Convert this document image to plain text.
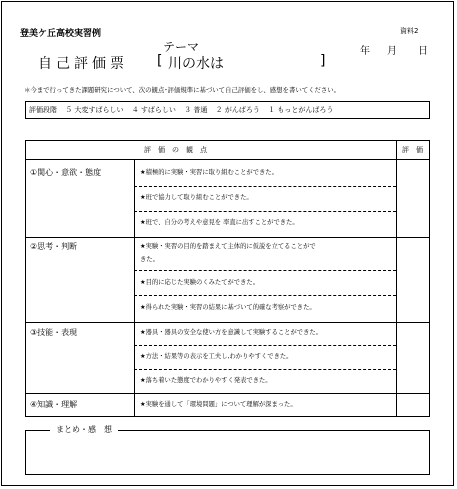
登美ケ丘高校実習例	資料2
テーマ	年 月 日
自己評価票 [ 川の水は	]
＊今まで行ってきた課題研究について、次の観点･評価規準に基づいて自己評価をし、感想を書いてください。
評価段階 ５ 大変すばらしい ４ すばらしい ３ 普通 ２ がんばろう １ もっとがんばろう
評　価　の　観　点	評　価
①関心・意欲・態度	★積極的に実験・実習に取り組むことができた。
★班で協力して取り組むことができた。
★班で、自分の考えや意見を 率直に出すことができた。
②思考・判断	★実験・実習の目的を踏まえて主体的に仮説を立てることがで
きた。
★目的に応じた実験のくみたてができた。
★得られた実験・実習の結果に基づいて的確な考察ができた。
③技能・表現	★器具・器具の安全な使い方を意識して実験することができた。
★方法・結果等の表示を工夫し,わかりやすくできた。
★落ち着いた態度でわかりやすく発表できた。
④知識・理解	★実験を通して「環境問題」について理解が深まった。
まとめ・感　想
